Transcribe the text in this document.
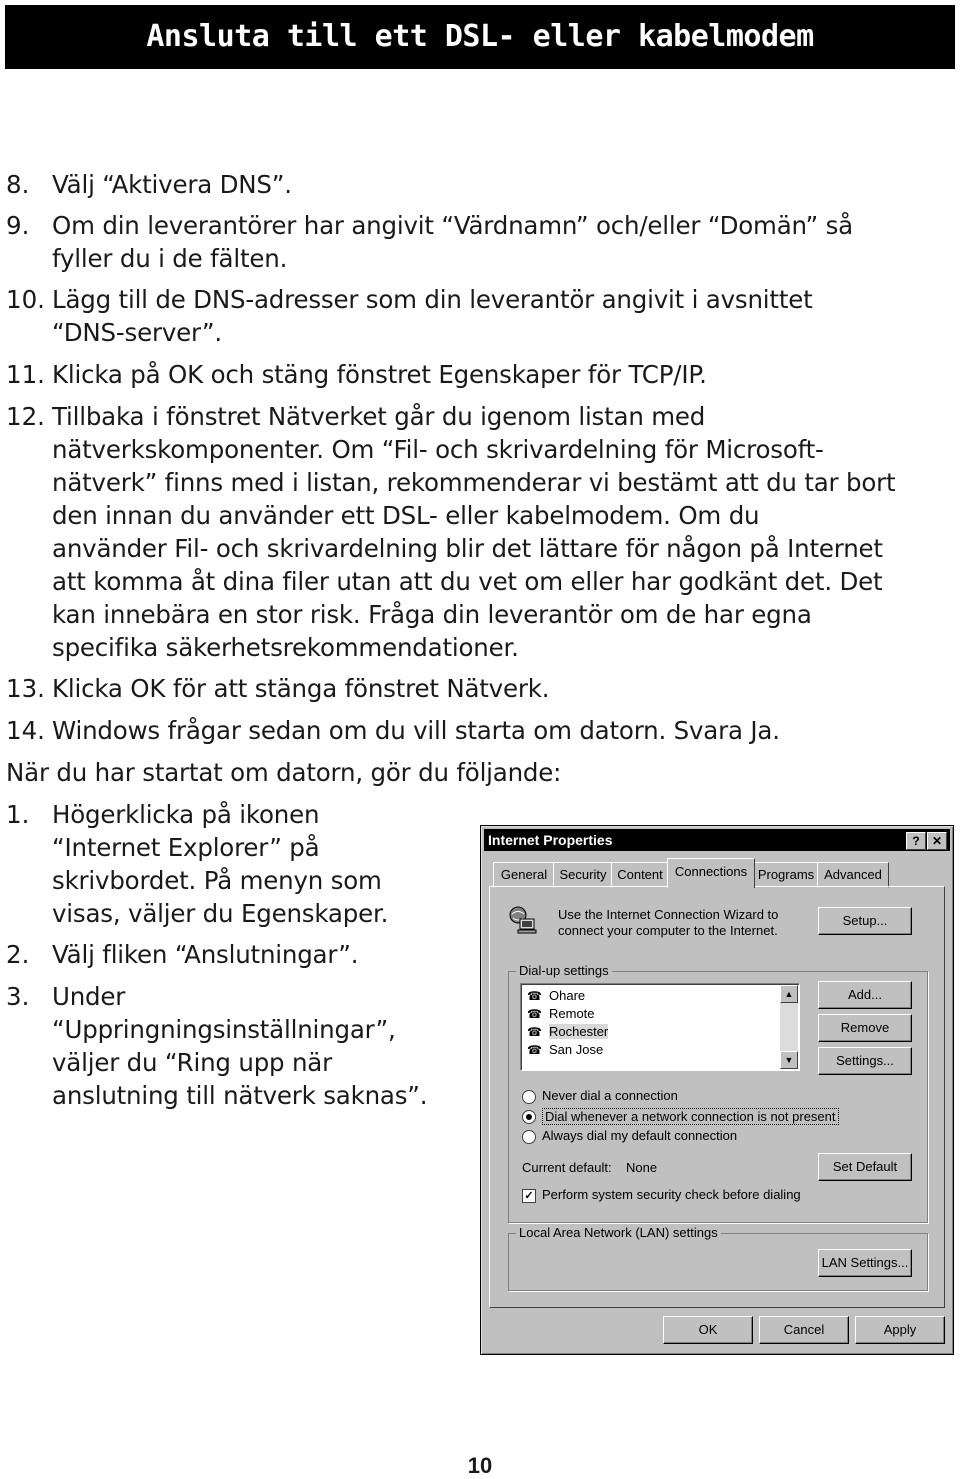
Ansluta till ett DSL- eller kabelmodem
8. Välj “Aktivera DNS”.
9. Om din leverantörer har angivit “Värdnamn” och/eller “Domän” så
fyller du i de fälten.
10. Lägg till de DNS-adresser som din leverantör angivit i avsnittet
“DNS-server”.
11. Klicka på OK och stäng fönstret Egenskaper för TCP/IP.
12. Tillbaka i fönstret Nätverket går du igenom listan med
nätverkskomponenter. Om “Fil- och skrivardelning för Microsoft-
nätverk” finns med i listan, rekommenderar vi bestämt att du tar bort
den innan du använder ett DSL- eller kabelmodem. Om du
använder Fil- och skrivardelning blir det lättare för någon på Internet
att komma åt dina filer utan att du vet om eller har godkänt det. Det
kan innebära en stor risk. Fråga din leverantör om de har egna
specifika säkerhetsrekommendationer.
13. Klicka OK för att stänga fönstret Nätverk.
14. Windows frågar sedan om du vill starta om datorn. Svara Ja.
När du har startat om datorn, gör du följande:
1. Högerklicka på ikonen
“Internet Explorer” på
skrivbordet. På menyn som
visas, väljer du Egenskaper.
2. Välj fliken “Anslutningar”.
3. Under
“Uppringningsinställningar”,
väljer du “Ring upp när
anslutning till nätverk saknas”.
Internet Properties	?	✕
General Security Content Connections Programs Advanced
Use the Internet Connection Wizard to
connect your computer to the Internet.
Setup...
Dial-up settings
☎ Ohare
☎ Remote
☎ Rochester
☎ San Jose
▲
▼
Add...
Remove
Settings...
Never dial a connection
Dial whenever a network connection is not present
Always dial my default connection
Current default: None	Set Default
✓ Perform system security check before dialing
Local Area Network (LAN) settings
LAN Settings...
OK	Cancel	Apply
10
